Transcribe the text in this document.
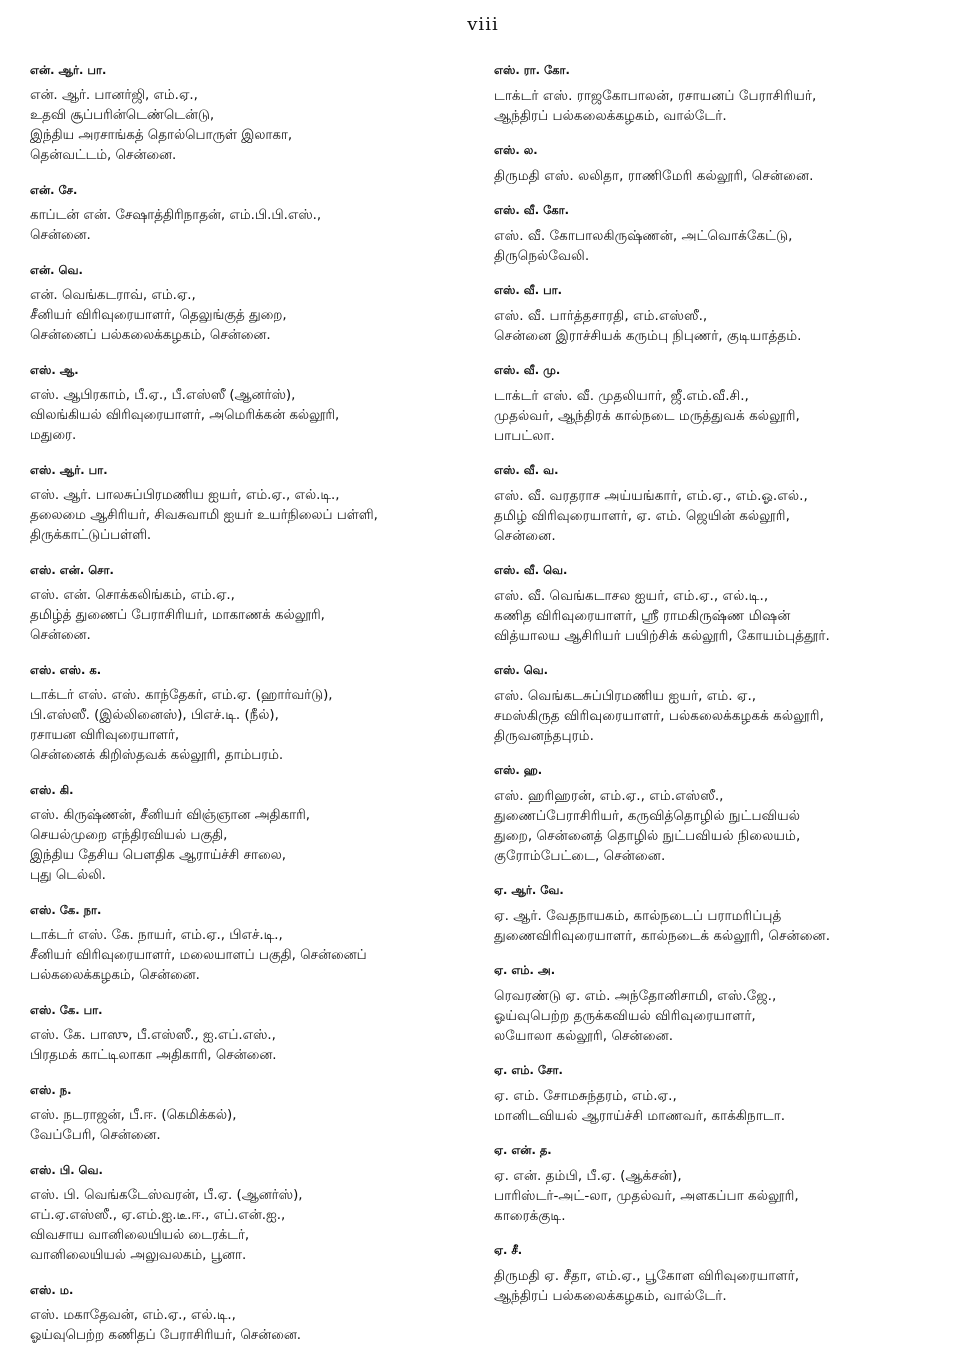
viii
என். ஆர். பா.
என். ஆர். பானர்ஜி, எம்.ஏ.,
உதவி சூப்பரின்டெண்டென்டு,
இந்திய அரசாங்கத் தொல்பொருள் இலாகா,
தென்வட்டம், சென்னை.
என். சே.
காப்டன் என். சேஷாத்திரிநாதன், எம்.பி.பி.எஸ்.,
சென்னை.
என். வெ.
என். வெங்கடராவ், எம்.ஏ.,
சீனியர் விரிவுரையாளர், தெலுங்குத் துறை,
சென்னைப் பல்கலைக்கழகம், சென்னை.
எஸ். ஆ.
எஸ். ஆபிரகாம், பீ.ஏ., பீ.எஸ்ஸீ (ஆனர்ஸ்),
விலங்கியல் விரிவுரையாளர், அமெரிக்கன் கல்லூரி,
மதுரை.
எஸ். ஆர். பா.
எஸ். ஆர். பாலசுப்பிரமணிய ஐயர், எம்.ஏ., எல்.டி.,
தலைமை ஆசிரியர், சிவசுவாமி ஐயர் உயர்நிலைப் பள்ளி,
திருக்காட்டுப்பள்ளி.
எஸ். என். சொ.
எஸ். என். சொக்கலிங்கம், எம்.ஏ.,
தமிழ்த் துணைப் பேராசிரியர், மாகாணக் கல்லூரி,
சென்னை.
எஸ். எஸ். க.
டாக்டர் எஸ். எஸ். காந்தேகர், எம்.ஏ. (ஹார்வர்டு),
பி.எஸ்ஸீ. (இல்லினைஸ்), பிஎச்.டி. (நீல்),
ரசாயன விரிவுரையாளர்,
சென்னைக் கிறிஸ்தவக் கல்லூரி, தாம்பரம்.
எஸ். கி.
எஸ். கிருஷ்ணன், சீனியர் விஞ்ஞான அதிகாரி,
செயல்முறை எந்திரவியல் பகுதி,
இந்திய தேசிய பௌதிக ஆராய்ச்சி சாலை,
புது டெல்லி.
எஸ். கே. நா.
டாக்டர் எஸ். கே. நாயர், எம்.ஏ., பிஎச்.டி.,
சீனியர் விரிவுரையாளர், மலையாளப் பகுதி, சென்னைப்
பல்கலைக்கழகம், சென்னை.
எஸ். கே. பா.
எஸ். கே. பாஸு, பீ.எஸ்ஸீ., ஐ.எப்.எஸ்.,
பிரதமக் காட்டிலாகா அதிகாரி, சென்னை.
எஸ். ந.
எஸ். நடராஜன், பீ.ஈ. (கெமிக்கல்),
வேப்பேரி, சென்னை.
எஸ். பி. வெ.
எஸ். பி. வெங்கடேஸ்வரன், பீ.ஏ. (ஆனர்ஸ்),
எப்.ஏ.எஸ்ஸீ., ஏ.எம்.ஐ.டீ.ஈ., எப்.என்.ஐ.,
விவசாய வானிலையியல் டைரக்டர்,
வானிலையியல் அலுவலகம், பூனா.
எஸ். ம.
எஸ். மகாதேவன், எம்.ஏ., எல்.டி.,
ஓய்வுபெற்ற கணிதப் பேராசிரியர், சென்னை.
எஸ். ரா. கோ.
டாக்டர் எஸ். ராஜகோபாலன், ரசாயனப் பேராசிரியர்,
ஆந்திரப் பல்கலைக்கழகம், வால்டேர்.
எஸ். ல.
திருமதி எஸ். லலிதா, ராணிமேரி கல்லூரி, சென்னை.
எஸ். வீ. கோ.
எஸ். வீ. கோபாலகிருஷ்ணன், அட்வொக்கேட்டு,
திருநெல்வேலி.
எஸ். வீ. பா.
எஸ். வீ. பார்த்தசாரதி, எம்.எஸ்ஸீ.,
சென்னை இராச்சியக் கரும்பு நிபுணர், குடியாத்தம்.
எஸ். வீ. மு.
டாக்டர் எஸ். வீ. முதலியார், ஜீ.எம்.வீ.சி.,
முதல்வர், ஆந்திரக் கால்நடை மருத்துவக் கல்லூரி,
பாபட்லா.
எஸ். வீ. வ.
எஸ். வீ. வரதராச அய்யங்கார், எம்.ஏ., எம்.ஓ.எல்.,
தமிழ் விரிவுரையாளர், ஏ. எம். ஜெயின் கல்லூரி,
சென்னை.
எஸ். வீ. வெ.
எஸ். வீ. வெங்கடாசல ஐயர், எம்.ஏ., எல்.டி.,
கணித விரிவுரையாளர், ஸ்ரீ ராமகிருஷ்ண மிஷன்
வித்யாலய ஆசிரியர் பயிற்சிக் கல்லூரி, கோயம்புத்தூர்.
எஸ். வெ.
எஸ். வெங்கடசுப்பிரமணிய ஐயர், எம். ஏ.,
சமஸ்கிருத விரிவுரையாளர், பல்கலைக்கழகக் கல்லூரி,
திருவனந்தபுரம்.
எஸ். ஹ.
எஸ். ஹரிஹரன், எம்.ஏ., எம்.எஸ்ஸீ.,
துணைப்பேராசிரியர், கருவித்தொழில் நுட்பவியல்
துறை, சென்னைத் தொழில் நுட்பவியல் நிலையம்,
குரோம்பேட்டை, சென்னை.
ஏ. ஆர். வே.
ஏ. ஆர். வேதநாயகம், கால்நடைப் பராமரிப்புத்
துணைவிரிவுரையாளர், கால்நடைக் கல்லூரி, சென்னை.
ஏ. எம். அ.
ரெவரண்டு ஏ. எம். அந்தோனிசாமி, எஸ்.ஜே.,
ஓய்வுபெற்ற தருக்கவியல் விரிவுரையாளர்,
லயோலா கல்லூரி, சென்னை.
ஏ. எம். சோ.
ஏ. எம். சோமசுந்தரம், எம்.ஏ.,
மானிடவியல் ஆராய்ச்சி மாணவர், காக்கிநாடா.
ஏ. என். த.
ஏ. என். தம்பி, பீ.ஏ. (ஆக்சன்),
பாரிஸ்டர்-அட்-லா, முதல்வர், அளகப்பா கல்லூரி,
காரைக்குடி.
ஏ. சீ.
திருமதி ஏ. சீதா, எம்.ஏ., பூகோள விரிவுரையாளர்,
ஆந்திரப் பல்கலைக்கழகம், வால்டேர்.
